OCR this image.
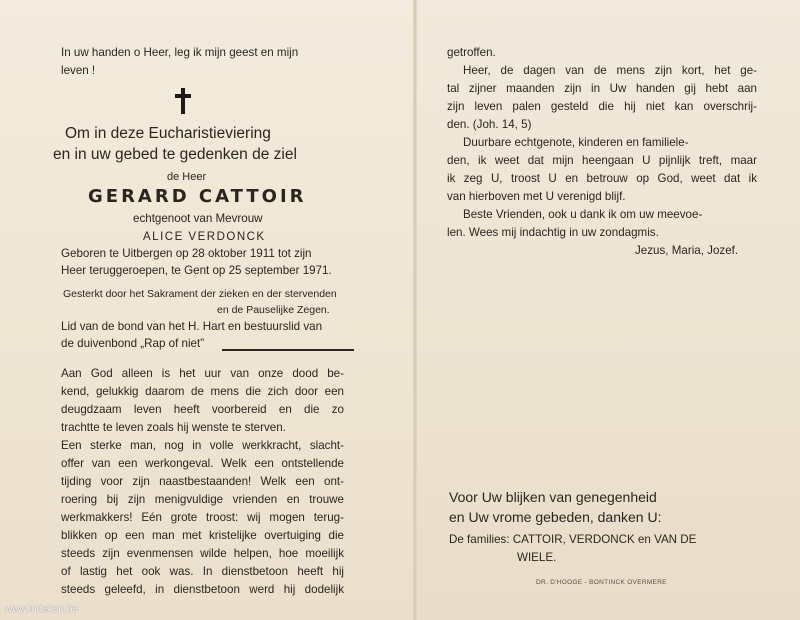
In uw handen o Heer, leg ik mijn geest en mijn
leven !
Om in deze Eucharistieviering
en in uw gebed te gedenken de ziel
de Heer
GERARD CATTOIR
echtgenoot van Mevrouw
ALICE VERDONCK
Geboren te Uitbergen op 28 oktober 1911 tot zijn
Heer teruggeroepen, te Gent op 25 september 1971.
Gesterkt door het Sakrament der zieken en der stervenden
en de Pauselijke Zegen.
Lid van de bond van het H. Hart en bestuurslid van
de duivenbond „Rap of niet”
Aan God alleen is het uur van onze dood be-
kend, gelukkig daarom de mens die zich door een
deugdzaam leven heeft voorbereid en die zo
trachtte te leven zoals hij wenste te sterven.
Een sterke man, nog in volle werkkracht, slacht-
offer van een werkongeval. Welk een ontstellende
tijding voor zijn naastbestaanden! Welk een ont-
roering bij zijn menigvuldige vrienden en trouwe
werkmakkers! Eén grote troost: wij mogen terug-
blikken op een man met kristelijke overtuiging die
steeds zijn evenmensen wilde helpen, hoe moeilijk
of lastig het ook was. In dienstbetoon heeft hij
steeds geleefd, in dienstbetoon werd hij dodelijk
getroffen.
Heer, de dagen van de mens zijn kort, het ge-
tal zijner maanden zijn in Uw handen gij hebt aan
zijn leven palen gesteld die hij niet kan overschrij-
den. (Joh. 14, 5)
Duurbare echtgenote, kinderen en familiele-
den, ik weet dat mijn heengaan U pijnlijk treft, maar
ik zeg U, troost U en betrouw op God, weet dat ik
van hierboven met U verenigd blijf.
Beste Vrienden, ook u dank ik om uw meevoe-
len. Wees mij indachtig in uw zondagmis.
Jezus, Maria, Jozef.
Voor Uw blijken van genegenheid
en Uw vrome gebeden, danken U:
De families: CATTOIR, VERDONCK en VAN DE
WIELE.
DR. D'HOOGE - BONTINCK OVERMERE
www.indeken.be
